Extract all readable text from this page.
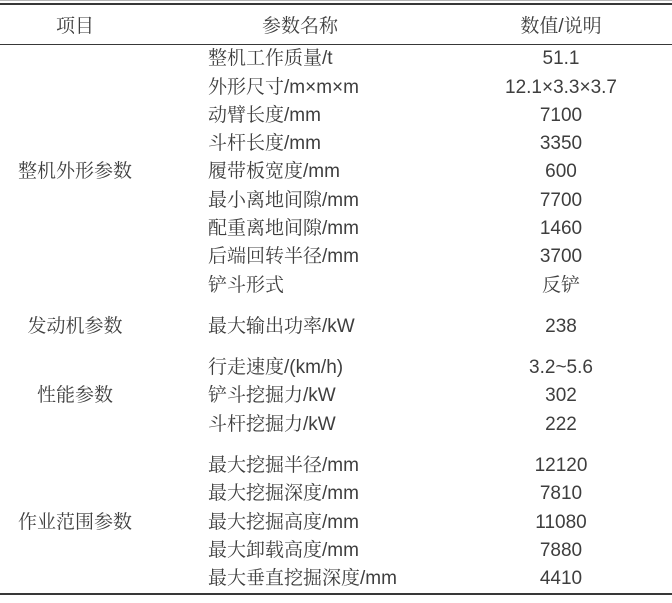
项目	参数名称	数值/说明
整机外形参数	整机工作质量/t	51.1
	外形尺寸/m×m×m	12.1×3.3×3.7
	动臂长度/mm	7100
	斗杆长度/mm	3350
	履带板宽度/mm	600
	最小离地间隙/mm	7700
	配重离地间隙/mm	1460
	后端回转半径/mm	3700
	铲斗形式	反铲
发动机参数	最大输出功率/kW	238
性能参数	行走速度/(km/h)	3.2~5.6
	铲斗挖掘力/kW	302
	斗杆挖掘力/kW	222
作业范围参数	最大挖掘半径/mm	12120
	最大挖掘深度/mm	7810
	最大挖掘高度/mm	11080
	最大卸载高度/mm	7880
	最大垂直挖掘深度/mm	4410
